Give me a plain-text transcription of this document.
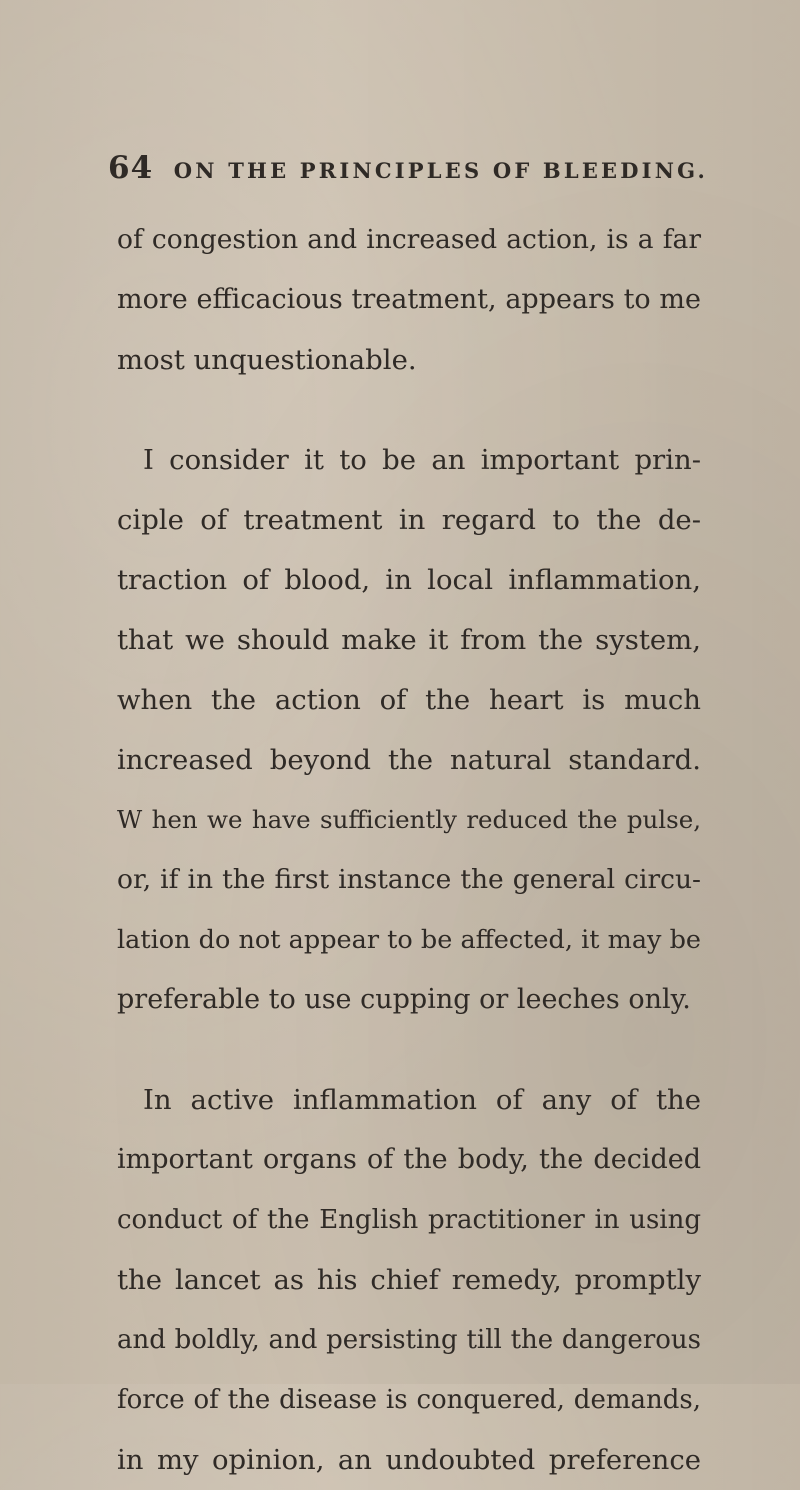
64 ON THE PRINCIPLES OF BLEEDING.

of congestion and increased action, is a far
more efficacious treatment, appears to me
most unquestionable.

I consider it to be an important prin-
ciple of treatment in regard to the de-
traction of blood, in local inflammation,
that we should make it from the system,
when the action of the heart is much
increased beyond the natural standard.
W hen we have sufficiently reduced the pulse,
or, if in the first instance the general circu-
lation do not appear to be affected, it may be
preferable to use cupping or leeches only.

In active inflammation of any of the
important organs of the body, the decided
conduct of the English practitioner in using
the lancet as his chief remedy, promptly
and boldly, and persisting till the dangerous
force of the disease is conquered, demands,
in my opinion, an undoubted preference
